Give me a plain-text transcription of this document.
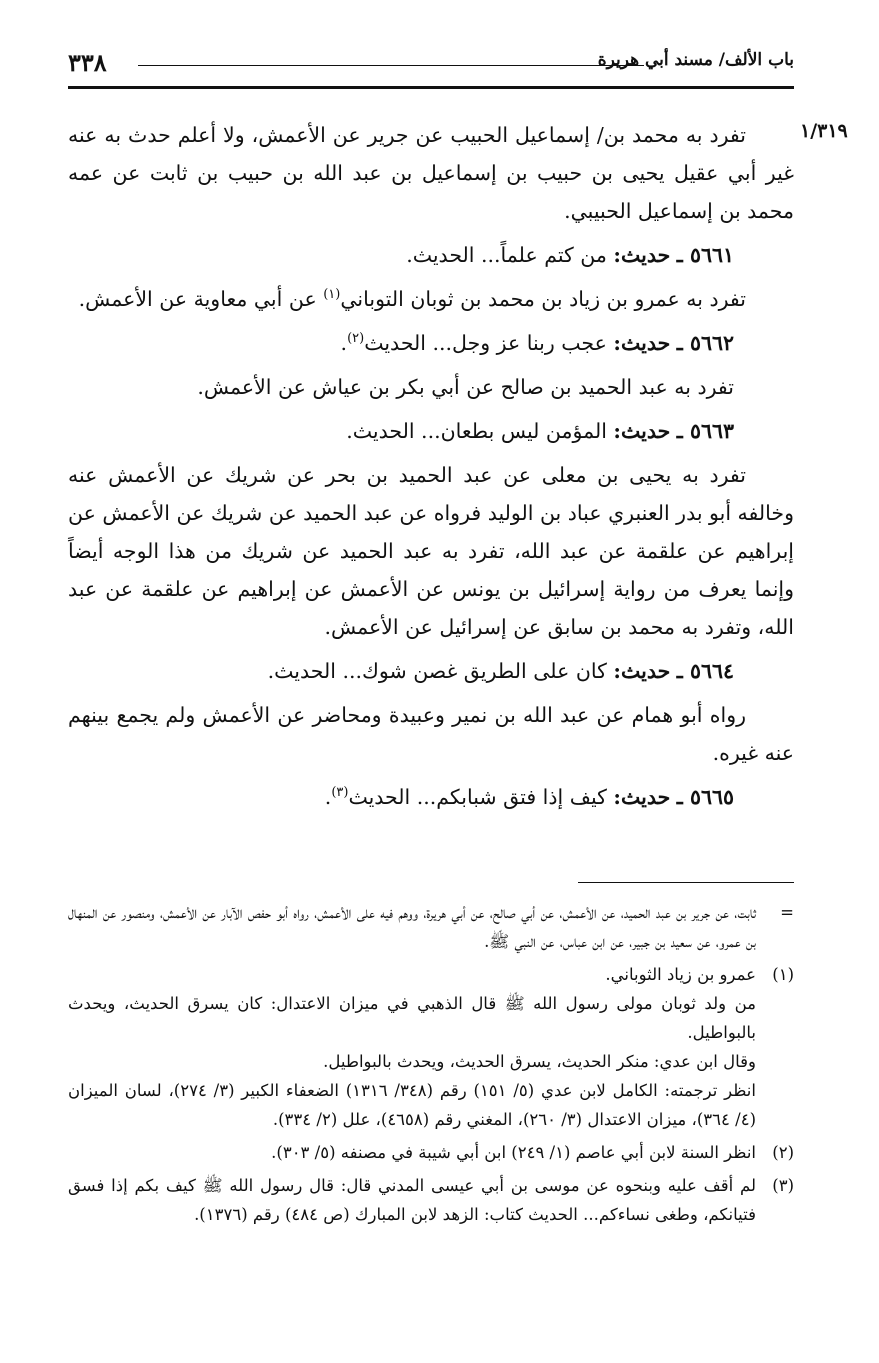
٣٣٨	باب الألف/ مسند أبي هريرة
١/٣١٩

تفرد به محمد بن/ إسماعيل الحبيب عن جرير عن الأعمش، ولا أعلم حدث به عنه غير أبي عقيل يحيى بن حبيب بن إسماعيل بن عبد الله بن حبيب بن ثابت عن عمه محمد بن إسماعيل الحبيبي.

٥٦٦١ ـ حديث: من كتم علماً... الحديث.

تفرد به عمرو بن زياد بن محمد بن ثوبان التوباني$^{(١)}$ عن أبي معاوية عن الأعمش.

٥٦٦٢ ـ حديث: عجب ربنا عز وجل... الحديث$^{(٢)}$.

تفرد به عبد الحميد بن صالح عن أبي بكر بن عياش عن الأعمش.

٥٦٦٣ ـ حديث: المؤمن ليس بطعان... الحديث.

تفرد به يحيى بن معلى عن عبد الحميد بن بحر عن شريك عن الأعمش عنه وخالفه أبو بدر العنبري عباد بن الوليد فرواه عن عبد الحميد عن شريك عن الأعمش عن إبراهيم عن علقمة عن عبد الله، تفرد به عبد الحميد عن شريك من هذا الوجه أيضاً وإنما يعرف من رواية إسرائيل بن يونس عن الأعمش عن إبراهيم عن علقمة عن عبد الله، وتفرد به محمد بن سابق عن إسرائيل عن الأعمش.

٥٦٦٤ ـ حديث: كان على الطريق غصن شوك... الحديث.

رواه أبو همام عن عبد الله بن نمير وعبيدة ومحاضر عن الأعمش ولم يجمع بينهم عنه غيره.

٥٦٦٥ ـ حديث: كيف إذا فتق شبابكم... الحديث$^{(٣)}$.

=

ثابت، عن جرير بن عبد الحميد، عن الأعمش، عن أبي صالح، عن أبي هريرة، ووهم فيه على الأعمش، رواه أبو حفص الآبار عن الأعمش، ومنصور عن المنهال بن عمرو، عن سعيد بن جبير، عن ابن عباس، عن النبي ﷺ.

(١)

عمرو بن زياد الثوباني.

من ولد ثوبان مولى رسول الله ﷺ قال الذهبي في ميزان الاعتدال: كان يسرق الحديث، ويحدث بالبواطيل.

وقال ابن عدي: منكر الحديث، يسرق الحديث، ويحدث بالبواطيل.

انظر ترجمته: الكامل لابن عدي (٥/ ١٥١) رقم (٣٤٨/ ١٣١٦) الضعفاء الكبير (٣/ ٢٧٤)، لسان الميزان (٤/ ٣٦٤)، ميزان الاعتدال (٣/ ٢٦٠)، المغني رقم (٤٦٥٨)، علل (٢/ ٣٣٤).

(٢)

انظر السنة لابن أبي عاصم (١/ ٢٤٩) ابن أبي شيبة في مصنفه (٥/ ٣٠٣).

(٣)

لم أقف عليه وبنحوه عن موسى بن أبي عيسى المدني قال: قال رسول الله ﷺ كيف بكم إذا فسق فتيانكم، وطغى نساءكم... الحديث كتاب: الزهد لابن المبارك (ص ٤٨٤) رقم (١٣٧٦).
